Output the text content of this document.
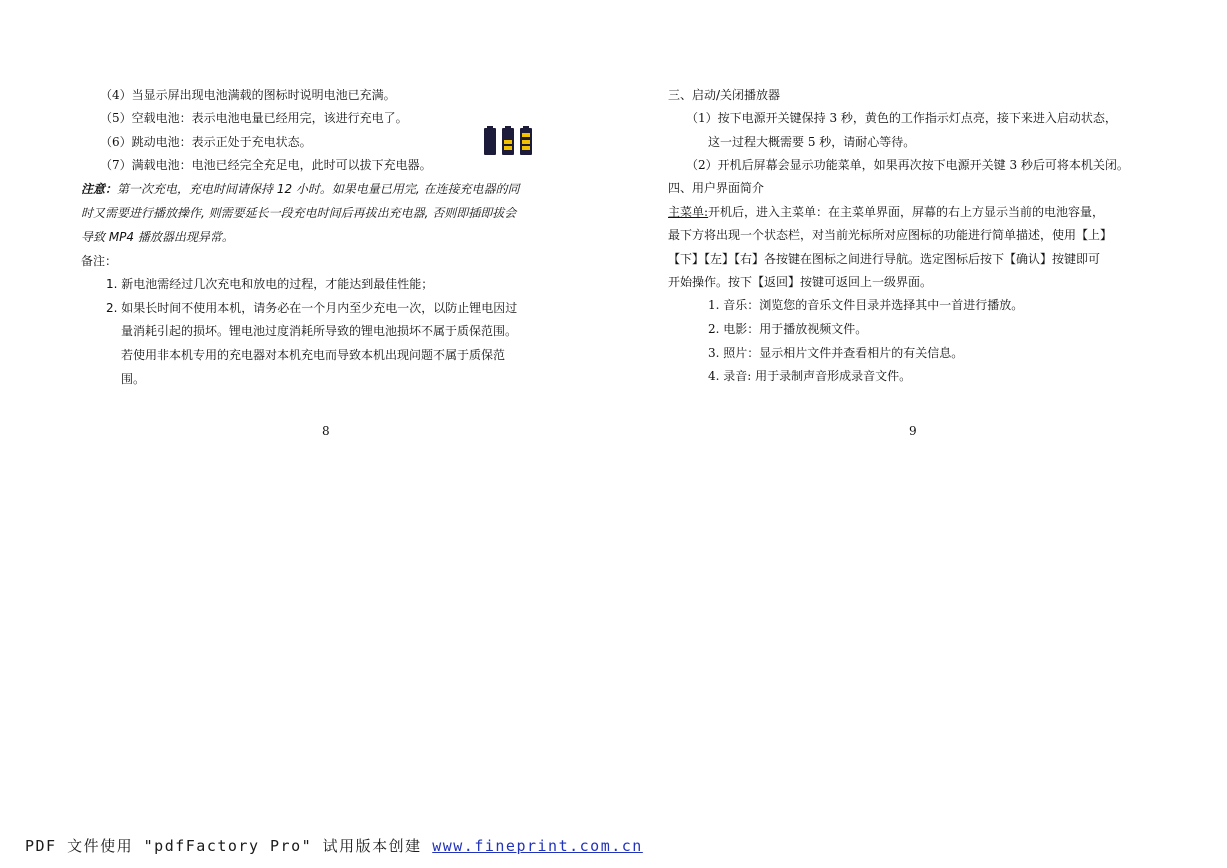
（4）当显示屏出现电池满载的图标时说明电池已充满。
（5）空载电池：表示电池电量已经用完，该进行充电了。
（6）跳动电池：表示正处于充电状态。
（7）满载电池：电池已经完全充足电，此时可以拔下充电器。
注意：第一次充电，充电时间请保持 12 小时。如果电量已用完, 在连接充电器的同
时又需要进行播放操作, 则需要延长一段充电时间后再拔出充电器, 否则即插即拔会
导致 MP4 播放器出现异常。
备注：
1. 新电池需经过几次充电和放电的过程，才能达到最佳性能；
2. 如果长时间不使用本机，请务必在一个月内至少充电一次，以防止锂电因过
量消耗引起的损坏。锂电池过度消耗所导致的锂电池损坏不属于质保范围。
若使用非本机专用的充电器对本机充电而导致本机出现问题不属于质保范
围。
8
三、启动/关闭播放器
（1）按下电源开关键保持 3 秒，黄色的工作指示灯点亮，接下来进入启动状态，
这一过程大概需要 5 秒，请耐心等待。
（2）开机后屏幕会显示功能菜单，如果再次按下电源开关键 3 秒后可将本机关闭。
四、用户界面简介
主菜单:开机后，进入主菜单：在主菜单界面，屏幕的右上方显示当前的电池容量，
最下方将出现一个状态栏，对当前光标所对应图标的功能进行简单描述，使用【上】
【下】【左】【右】各按键在图标之间进行导航。选定图标后按下【确认】按键即可
开始操作。按下【返回】按键可返回上一级界面。
1. 音乐：浏览您的音乐文件目录并选择其中一首进行播放。
2. 电影：用于播放视频文件。
3. 照片：显示相片文件并查看相片的有关信息。
4. 录音: 用于录制声音形成录音文件。
9
PDF 文件使用 "pdfFactory Pro" 试用版本创建 www.fineprint.com.cn
